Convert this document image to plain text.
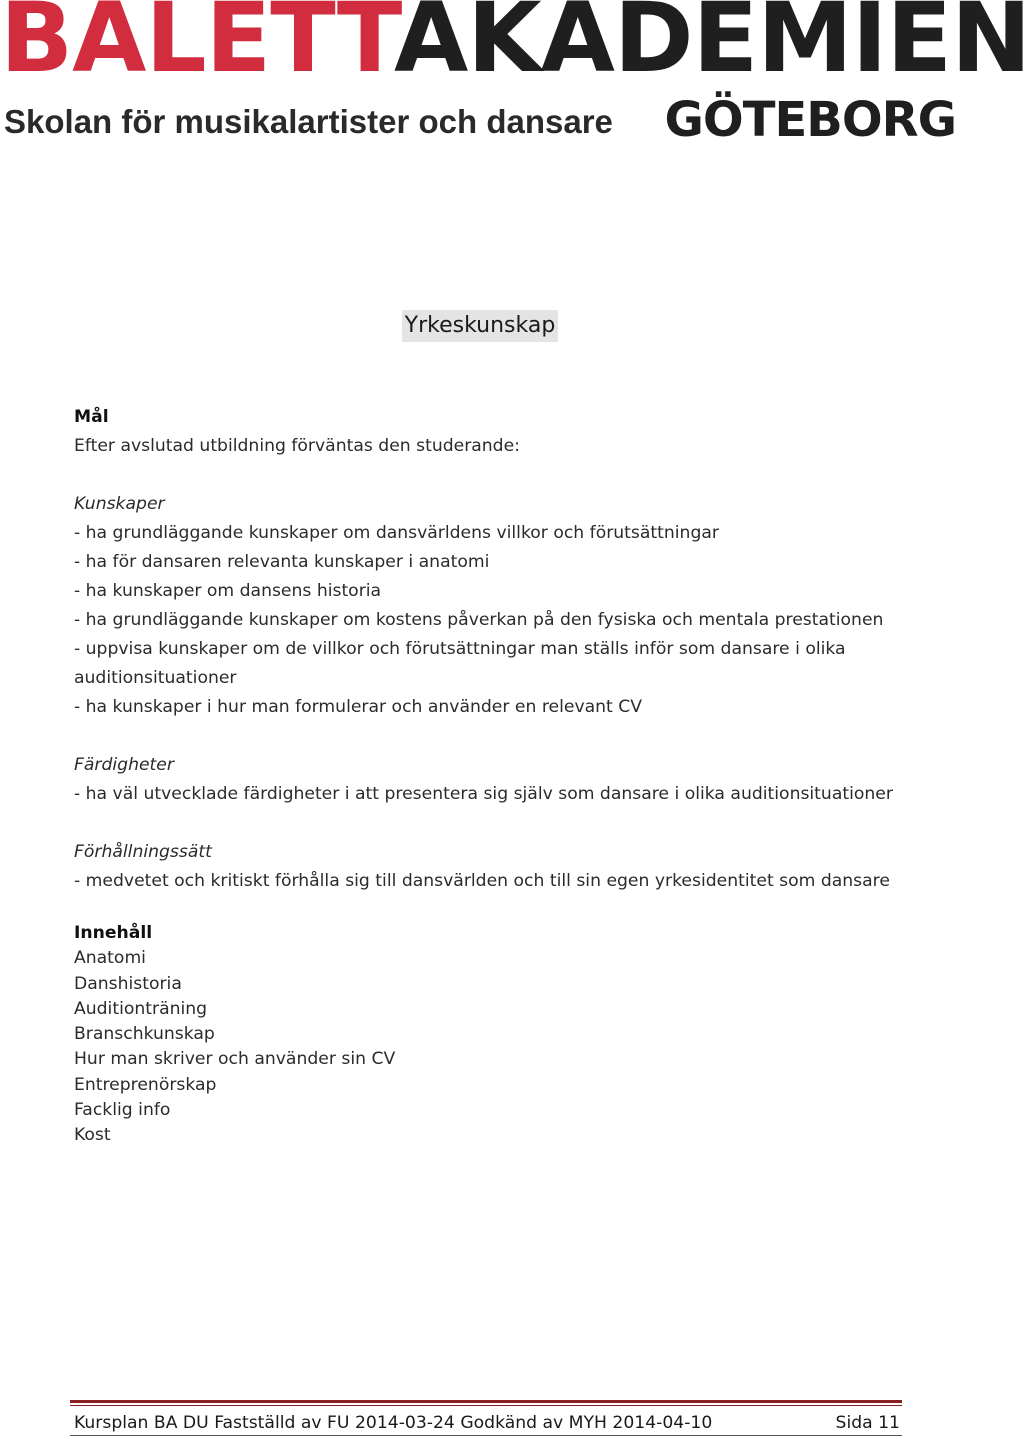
BALETTAKADEMIEN
Skolan för musikalartister och dansare GÖTEBORG
Yrkeskunskap

Mål

Efter avslutad utbildning förväntas den studerande:

Kunskaper

- ha grundläggande kunskaper om dansvärldens villkor och förutsättningar

- ha för dansaren relevanta kunskaper i anatomi

- ha kunskaper om dansens historia

- ha grundläggande kunskaper om kostens påverkan på den fysiska och mentala prestationen

- uppvisa kunskaper om de villkor och förutsättningar man ställs inför som dansare i olika

auditionsituationer

- ha kunskaper i hur man formulerar och använder en relevant CV

Färdigheter

- ha väl utvecklade färdigheter i att presentera sig själv som dansare i olika auditionsituationer

Förhållningssätt

- medvetet och kritiskt förhålla sig till dansvärlden och till sin egen yrkesidentitet som dansare

Innehåll

Anatomi

Danshistoria

Auditionträning

Branschkunskap

Hur man skriver och använder sin CV

Entreprenörskap

Facklig info

Kost

Kursplan BA DU Fastställd av FU 2014-03-24 Godkänd av MYH 2014-04-10	Sida 11
